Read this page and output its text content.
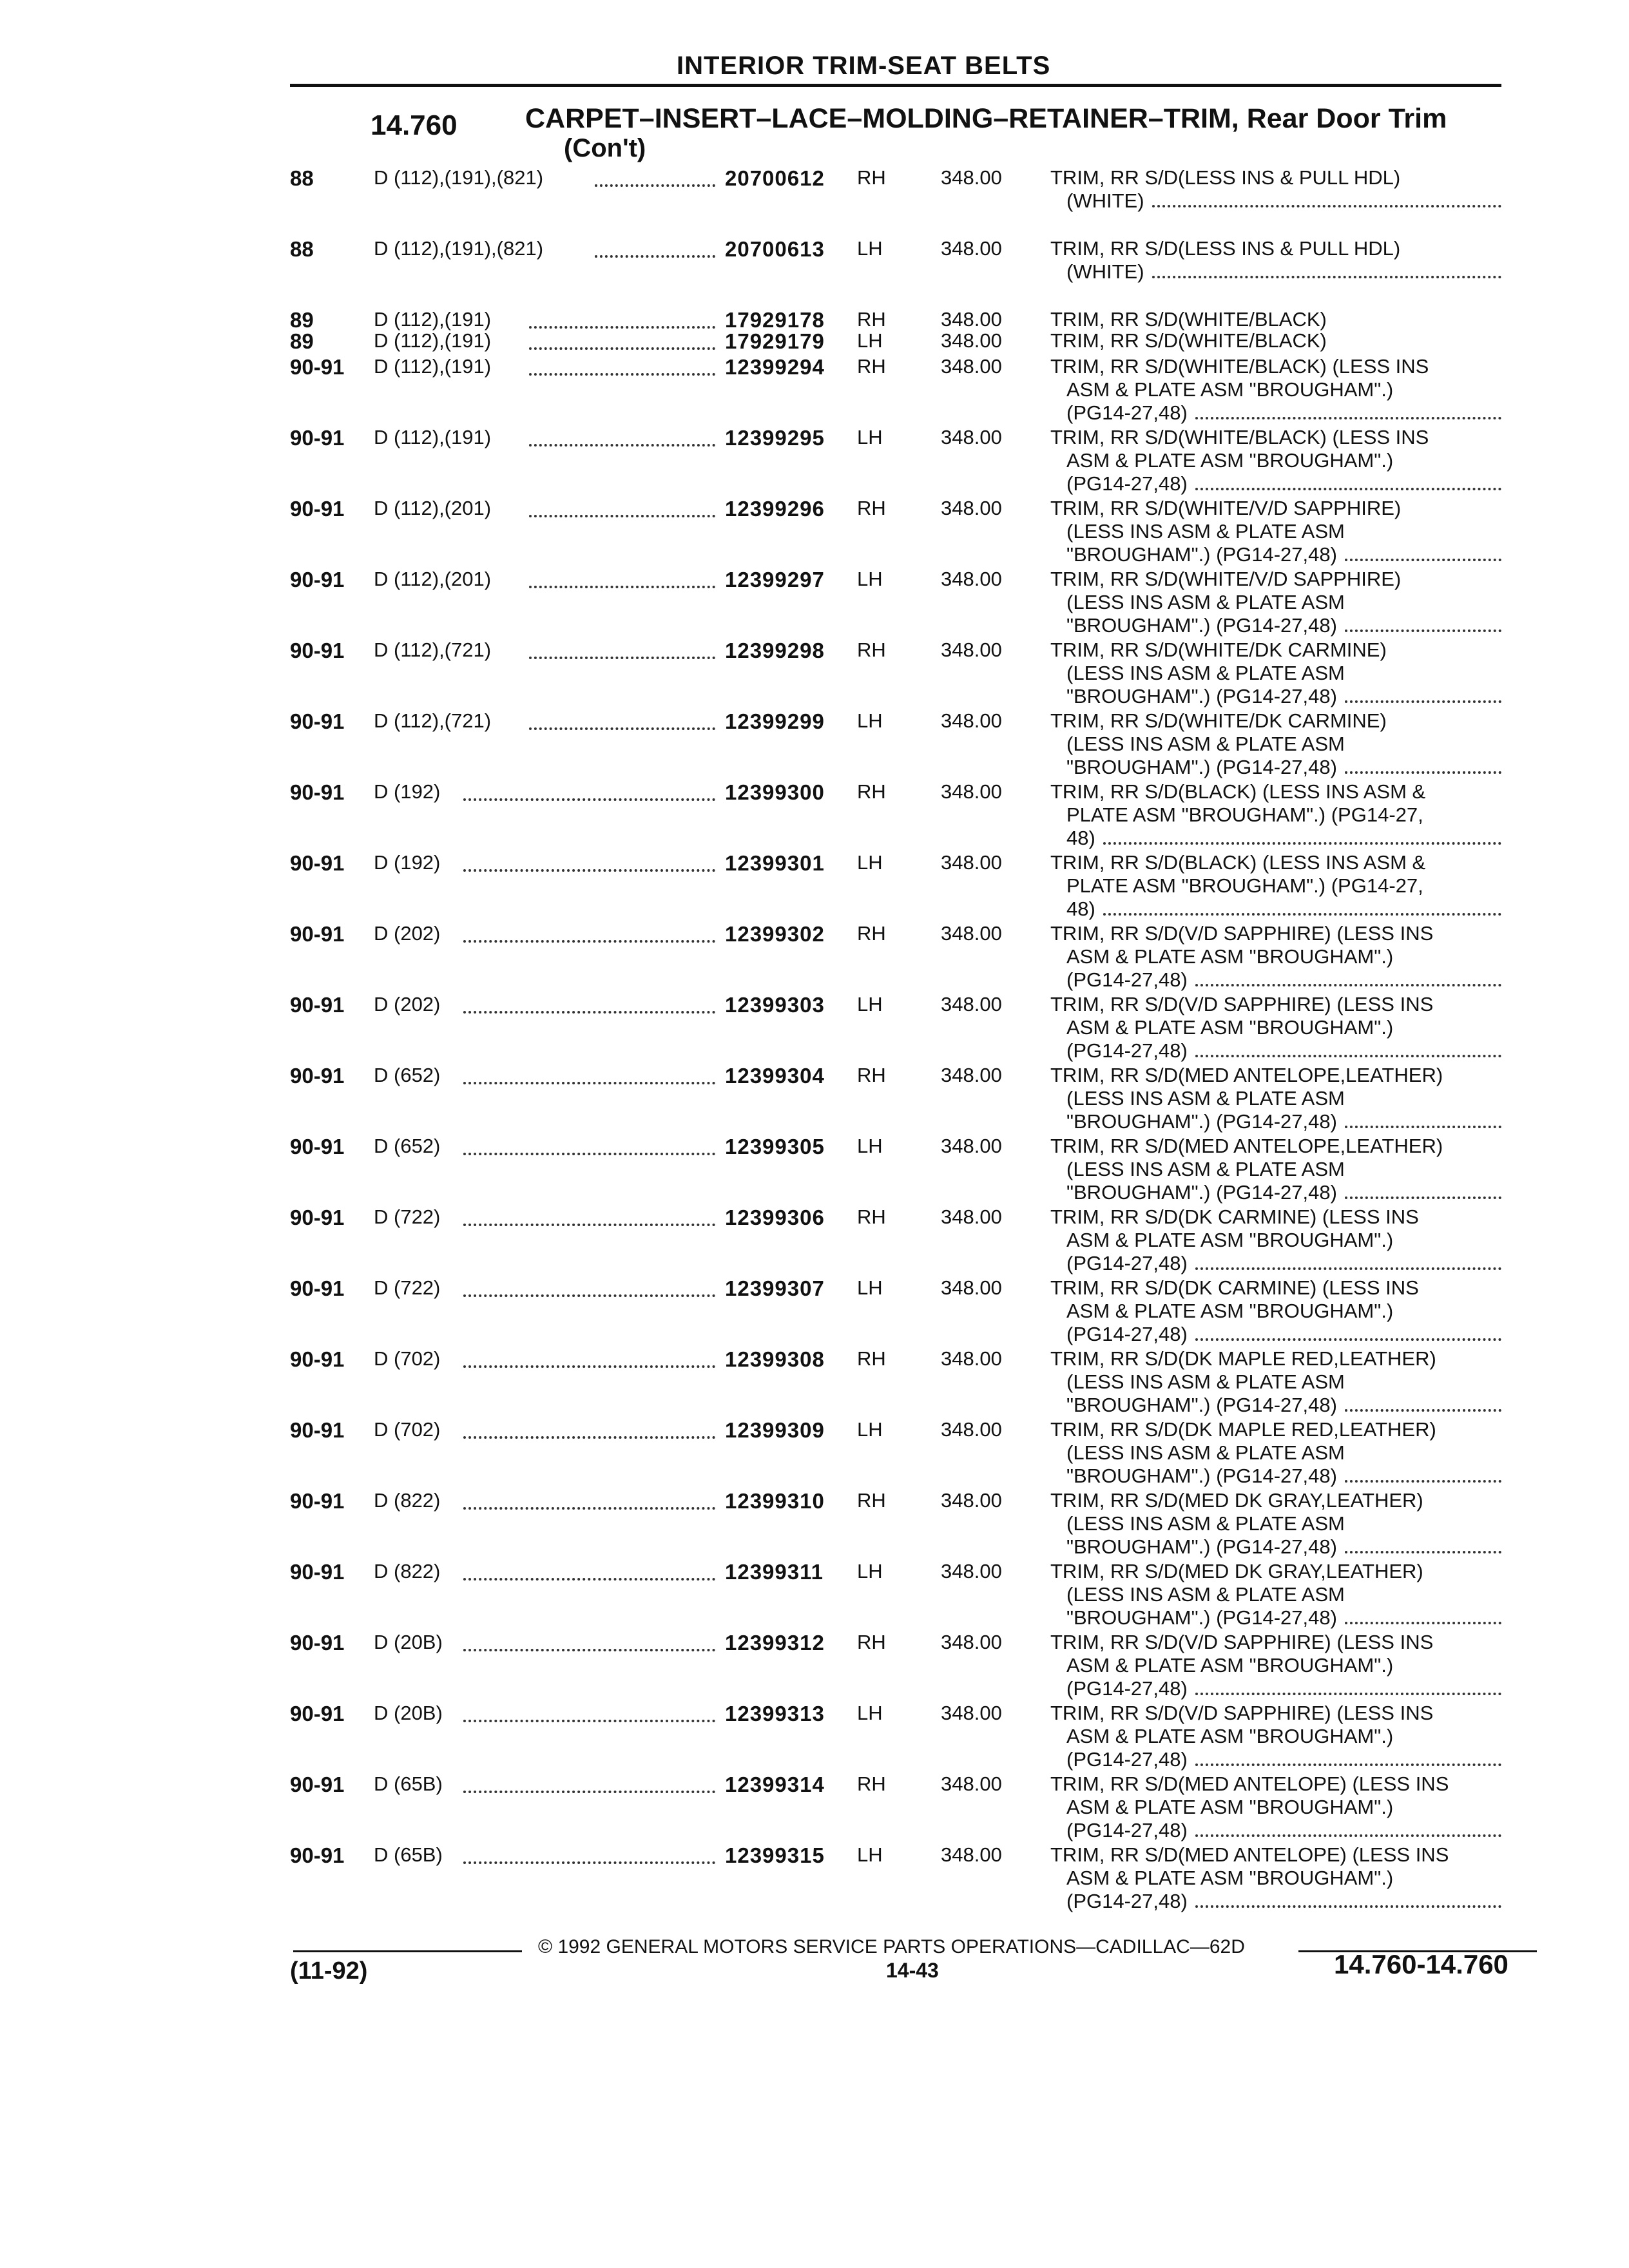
INTERIOR TRIM-SEAT BELTS
14.760 CARPET–INSERT–LACE–MOLDING–RETAINER–TRIM, Rear Door Trim
(Con't)
88	D (112),(191),(821)	20700612 RH	348.00 TRIM, RR S/D(LESS INS & PULL HDL)
(WHITE)
88	D (112),(191),(821)	20700613 LH	348.00 TRIM, RR S/D(LESS INS & PULL HDL)
(WHITE)
89	D (112),(191)	17929178 RH	348.00 TRIM, RR S/D(WHITE/BLACK)
89	D (112),(191)	17929179 LH	348.00 TRIM, RR S/D(WHITE/BLACK)
90-91 D (112),(191)	12399294 RH	348.00 TRIM, RR S/D(WHITE/BLACK) (LESS INS
ASM & PLATE ASM "BROUGHAM".)
(PG14-27,48)
90-91 D (112),(191)	12399295 LH	348.00 TRIM, RR S/D(WHITE/BLACK) (LESS INS
ASM & PLATE ASM "BROUGHAM".)
(PG14-27,48)
90-91 D (112),(201)	12399296 RH	348.00 TRIM, RR S/D(WHITE/V/D SAPPHIRE)
(LESS INS ASM & PLATE ASM
"BROUGHAM".) (PG14-27,48)
90-91 D (112),(201)	12399297 LH	348.00 TRIM, RR S/D(WHITE/V/D SAPPHIRE)
(LESS INS ASM & PLATE ASM
"BROUGHAM".) (PG14-27,48)
90-91 D (112),(721)	12399298 RH	348.00 TRIM, RR S/D(WHITE/DK CARMINE)
(LESS INS ASM & PLATE ASM
"BROUGHAM".) (PG14-27,48)
90-91 D (112),(721)	12399299 LH	348.00 TRIM, RR S/D(WHITE/DK CARMINE)
(LESS INS ASM & PLATE ASM
"BROUGHAM".) (PG14-27,48)
90-91 D (192)	12399300 RH	348.00 TRIM, RR S/D(BLACK) (LESS INS ASM &
PLATE ASM "BROUGHAM".) (PG14-27,
48)
90-91 D (192)	12399301 LH	348.00 TRIM, RR S/D(BLACK) (LESS INS ASM &
PLATE ASM "BROUGHAM".) (PG14-27,
48)
90-91 D (202)	12399302 RH	348.00 TRIM, RR S/D(V/D SAPPHIRE) (LESS INS
ASM & PLATE ASM "BROUGHAM".)
(PG14-27,48)
90-91 D (202)	12399303 LH	348.00 TRIM, RR S/D(V/D SAPPHIRE) (LESS INS
ASM & PLATE ASM "BROUGHAM".)
(PG14-27,48)
90-91 D (652)	12399304 RH	348.00 TRIM, RR S/D(MED ANTELOPE,LEATHER)
(LESS INS ASM & PLATE ASM
"BROUGHAM".) (PG14-27,48)
90-91 D (652)	12399305 LH	348.00 TRIM, RR S/D(MED ANTELOPE,LEATHER)
(LESS INS ASM & PLATE ASM
"BROUGHAM".) (PG14-27,48)
90-91 D (722)	12399306 RH	348.00 TRIM, RR S/D(DK CARMINE) (LESS INS
ASM & PLATE ASM "BROUGHAM".)
(PG14-27,48)
90-91 D (722)	12399307 LH	348.00 TRIM, RR S/D(DK CARMINE) (LESS INS
ASM & PLATE ASM "BROUGHAM".)
(PG14-27,48)
90-91 D (702)	12399308 RH	348.00 TRIM, RR S/D(DK MAPLE RED,LEATHER)
(LESS INS ASM & PLATE ASM
"BROUGHAM".) (PG14-27,48)
90-91 D (702)	12399309 LH	348.00 TRIM, RR S/D(DK MAPLE RED,LEATHER)
(LESS INS ASM & PLATE ASM
"BROUGHAM".) (PG14-27,48)
90-91 D (822)	12399310 RH	348.00 TRIM, RR S/D(MED DK GRAY,LEATHER)
(LESS INS ASM & PLATE ASM
"BROUGHAM".) (PG14-27,48)
90-91 D (822)	12399311 LH	348.00 TRIM, RR S/D(MED DK GRAY,LEATHER)
(LESS INS ASM & PLATE ASM
"BROUGHAM".) (PG14-27,48)
90-91 D (20B)	12399312 RH	348.00 TRIM, RR S/D(V/D SAPPHIRE) (LESS INS
ASM & PLATE ASM "BROUGHAM".)
(PG14-27,48)
90-91 D (20B)	12399313 LH	348.00 TRIM, RR S/D(V/D SAPPHIRE) (LESS INS
ASM & PLATE ASM "BROUGHAM".)
(PG14-27,48)
90-91 D (65B)	12399314 RH	348.00 TRIM, RR S/D(MED ANTELOPE) (LESS INS
ASM & PLATE ASM "BROUGHAM".)
(PG14-27,48)
90-91 D (65B)	12399315 LH	348.00 TRIM, RR S/D(MED ANTELOPE) (LESS INS
ASM & PLATE ASM "BROUGHAM".)
(PG14-27,48)
© 1992 GENERAL MOTORS SERVICE PARTS OPERATIONS—CADILLAC—62D
(11-92)	14-43	14.760-14.760
